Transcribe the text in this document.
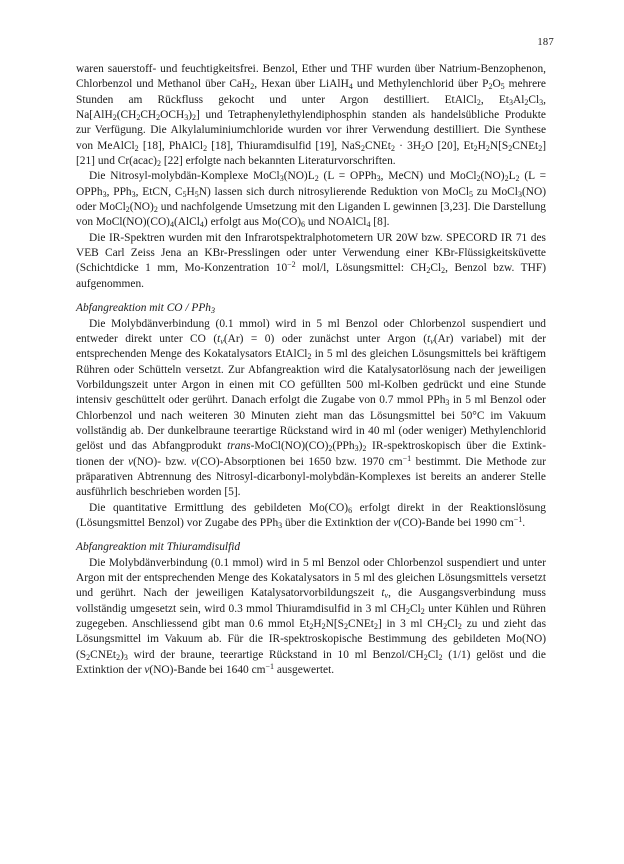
187

waren sauerstoff- und feuchtigkeitsfrei. Benzol, Ether und THF wurden über Natrium-Benzophenon, Chlorbenzol und Methanol über CaH$_2$, Hexan über LiAlH$_4$ und Methylenchlorid über $P_2O_5$ mehrere Stunden am Rückfluss gekocht und unter Argon destilliert. EtAlCl$_2$, $Et_3Al_2Cl_3$, $Na[AlH_2(CH_2CH_2OCH_3)_2]$ und Tetraphenylethylendiphosphin standen als handelsübliche Produkte zur Verfügung. Die Alkylaluminiumchloride wurden vor ihrer Verwendung destilliert. Die Synthese von MeAlCl$_2$ [18], PhAlCl$_2$ [18], Thiuramdisulfid [19], NaS$_2$CNEt$_2$ · $3H_2O$ [20], $Et_2H_2N[S_2CNEt_2]$ [21] und $Cr(acac)_2$ [22] erfolgte nach bekannten Literaturvorschriften.

Die Nitrosyl-molybdän-Komplexe $MoCl_3(NO)L_2$ (L = OPPh$_3$, MeCN) und $MoCl_2(NO)_2L_2$ (L = OPPh$_3$, PPh$_3$, EtCN, $C_5H_5N$) lassen sich durch nitrosylierende Reduktion von MoCl$_5$ zu MoCl$_3$(NO) oder $MoCl_2(NO)_2$ und nachfolgende Umsetzung mit den Liganden L gewinnen [3,23]. Die Darstellung von $MoCl(NO)(CO)_4(AlCl_4)$ erfolgt aus $Mo(CO)_6$ und NOAlCl$_4$ [8].

Die IR-Spektren wurden mit den Infrarotspektralphotometern UR 20W bzw. SPECORD IR 71 des VEB Carl Zeiss Jena an KBr-Presslingen oder unter Verwendung einer KBr-Flüssigkeitsküvette (Schichtdicke 1 mm, Mo-Konzentration $10^{-2}$ mol/l, Lösungsmittel: $CH_2Cl_2$, Benzol bzw. THF) aufgenommen.

Abfangreaktion mit CO / PPh$_3$

Die Molybdänverbindung (0.1 mmol) wird in 5 ml Benzol oder Chlorbenzol suspendiert und entweder direkt unter CO $(t_v(Ar) = 0)$ oder zunächst unter Argon ($t_v(Ar)$ variabel) mit der entsprechenden Menge des Kokatalysators EtAlCl$_2$ in 5 ml des gleichen Lösungsmittels bei kräftigem Rühren oder Schütteln versetzt. Zur Abfangreaktion wird die Katalysatorlösung nach der jeweiligen Vorbildungszeit unter Argon in einen mit CO gefüllten 500 ml-Kolben gedrückt und eine Stunde intensiv geschüttelt oder gerührt. Danach erfolgt die Zugabe von 0.7 mmol PPh$_3$ in 5 ml Benzol oder Chlorbenzol und nach weiteren 30 Minuten zieht man das Lösungsmittel bei 50°C im Vakuum vollständig ab. Der dunkelbraune teerartige Rückstand wird in 40 ml (oder weniger) Methylenchlorid gelöst und das Abfangprodukt trans-$MoCl(NO)(CO)_2(PPh_3)_2$ IR-spektroskopisch über die Extinktionen der ν(NO)- bzw. ν(CO)-Absorptionen bei 1650 bzw. 1970 $cm^{-1}$ bestimmt. Die Methode zur präparativen Abtrennung des Nitrosyl-dicarbonyl-molybdän-Komplexes ist bereits an anderer Stelle ausführlich beschrieben worden [5].

Die quantitative Ermittlung des gebildeten $Mo(CO)_6$ erfolgt direkt in der Reaktionslösung (Lösungsmittel Benzol) vor Zugabe des PPh$_3$ über die Extinktion der ν(CO)-Bande bei 1990 $cm^{-1}$.

Abfangreaktion mit Thiuramdisulfid

Die Molybdänverbindung (0.1 mmol) wird in 5 ml Benzol oder Chlorbenzol suspendiert und unter Argon mit der entsprechenden Menge des Kokatalysators in 5 ml des gleichen Lösungsmittels versetzt und gerührt. Nach der jeweiligen Katalysatorvorbildungszeit $t_v$, die Ausgangsverbindung muss vollständig umgesetzt sein, wird 0.3 mmol Thiuramdisulfid in 3 ml $CH_2Cl_2$ unter Kühlen und Rühren zugegeben. Anschliessend gibt man 0.6 mmol $Et_2H_2N[S_2CNEt_2]$ in 3 ml $CH_2Cl_2$ zu und zieht das Lösungsmittel im Vakuum ab. Für die IR-spektroskopische Bestimmung des gebildeten $Mo(NO)(S_2CNEt_2)_3$ wird der braune, teerartige Rückstand in 10 ml Benzol/$CH_2Cl_2$ (1/1) gelöst und die Extinktion der ν(NO)-Bande bei 1640 $cm^{-1}$ ausgewertet.
